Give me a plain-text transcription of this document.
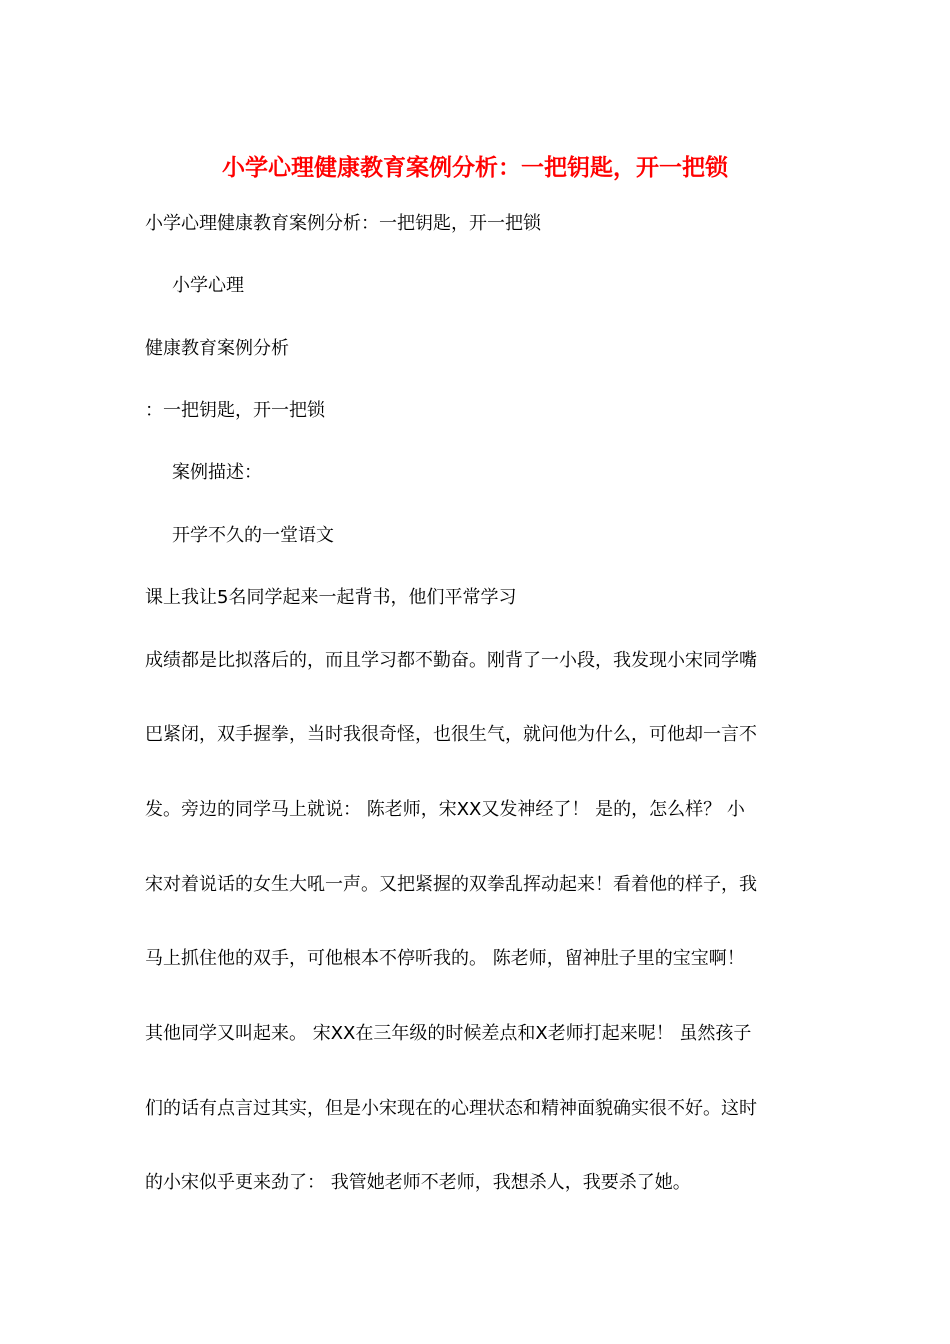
小学心理健康教育案例分析：一把钥匙，开一把锁
小学心理健康教育案例分析：一把钥匙，开一把锁
小学心理
健康教育案例分析
：一把钥匙，开一把锁
案例描述：
开学不久的一堂语文
课上我让5名同学起来一起背书，他们平常学习
成绩都是比拟落后的，而且学习都不勤奋。刚背了一小段，我发现小宋同学嘴
巴紧闭，双手握拳，当时我很奇怪，也很生气，就问他为什么，可他却一言不
发。旁边的同学马上就说： 陈老师，宋XX又发神经了！ 是的，怎么样？ 小
宋对着说话的女生大吼一声。又把紧握的双拳乱挥动起来！看着他的样子，我
马上抓住他的双手，可他根本不停听我的。 陈老师，留神肚子里的宝宝啊！
其他同学又叫起来。 宋XX在三年级的时候差点和X老师打起来呢！ 虽然孩子
们的话有点言过其实，但是小宋现在的心理状态和精神面貌确实很不好。这时
的小宋似乎更来劲了： 我管她老师不老师，我想杀人，我要杀了她。
